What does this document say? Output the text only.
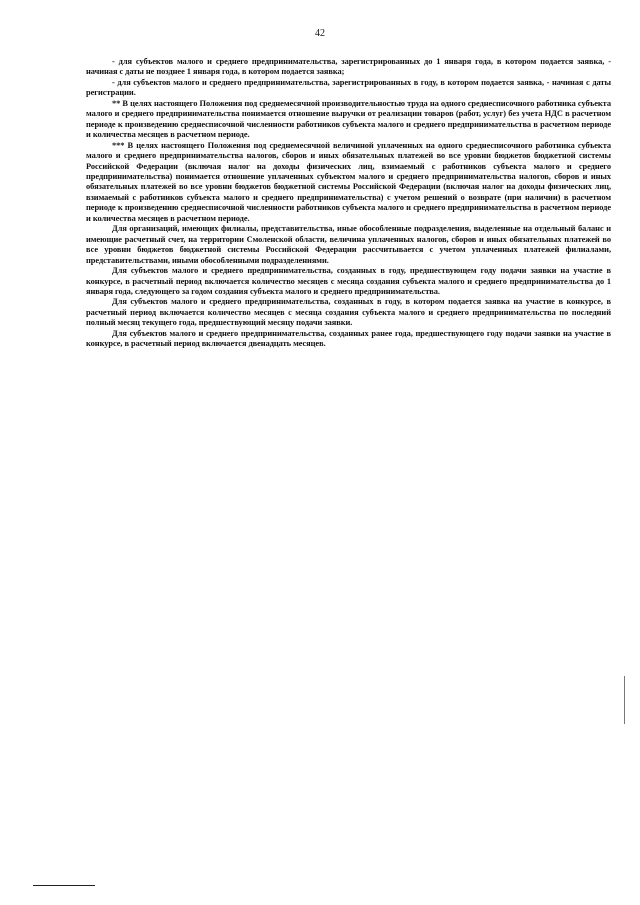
42

- для субъектов малого и среднего предпринимательства, зарегистрированных до 1 января года, в котором подается заявка, - начиная с даты не позднее 1 января года, в котором подается заявка;

- для субъектов малого и среднего предпринимательства, зарегистрированных в году, в котором подается заявка, - начиная с даты регистрации.

** В целях настоящего Положения под среднемесячной производительностью труда на одного среднесписочного работника субъекта малого и среднего предпринимательства понимается отношение выручки от реализации товаров (работ, услуг) без учета НДС в расчетном периоде к произведению среднесписочной численности работников субъекта малого и среднего предпринимательства в расчетном периоде и количества месяцев в расчетном периоде.

*** В целях настоящего Положения под среднемесячной величиной уплаченных на одного среднесписочного работника субъекта малого и среднего предпринимательства налогов, сборов и иных обязательных платежей во все уровни бюджетов бюджетной системы Российской Федерации (включая налог на доходы физических лиц, взимаемый с работников субъекта малого и среднего предпринимательства) понимается отношение уплаченных субъектом малого и среднего предпринимательства налогов, сборов и иных обязательных платежей во все уровни бюджетов бюджетной системы Российской Федерации (включая налог на доходы физических лиц, взимаемый с работников субъекта малого и среднего предпринимательства) с учетом решений о возврате (при наличии) в расчетном периоде к произведению среднесписочной численности работников субъекта малого и среднего предпринимательства в расчетном периоде и количества месяцев в расчетном периоде.

Для организаций, имеющих филиалы, представительства, иные обособленные подразделения, выделенные на отдельный баланс и имеющие расчетный счет, на территории Смоленской области, величина уплаченных налогов, сборов и иных обязательных платежей во все уровни бюджетов бюджетной системы Российской Федерации рассчитывается с учетом уплаченных платежей филиалами, представительствами, иными обособленными подразделениями.

Для субъектов малого и среднего предпринимательства, созданных в году, предшествующем году подачи заявки на участие в конкурсе, в расчетный период включается количество месяцев с месяца создания субъекта малого и среднего предпринимательства до 1 января года, следующего за годом создания субъекта малого и среднего предпринимательства.

Для субъектов малого и среднего предпринимательства, созданных в году, в котором подается заявка на участие в конкурсе, в расчетный период включается количество месяцев с месяца создания субъекта малого и среднего предпринимательства по последний полный месяц текущего года, предшествующий месяцу подачи заявки.

Для субъектов малого и среднего предпринимательства, созданных ранее года, предшествующего году подачи заявки на участие в конкурсе, в расчетный период включается двенадцать месяцев.
